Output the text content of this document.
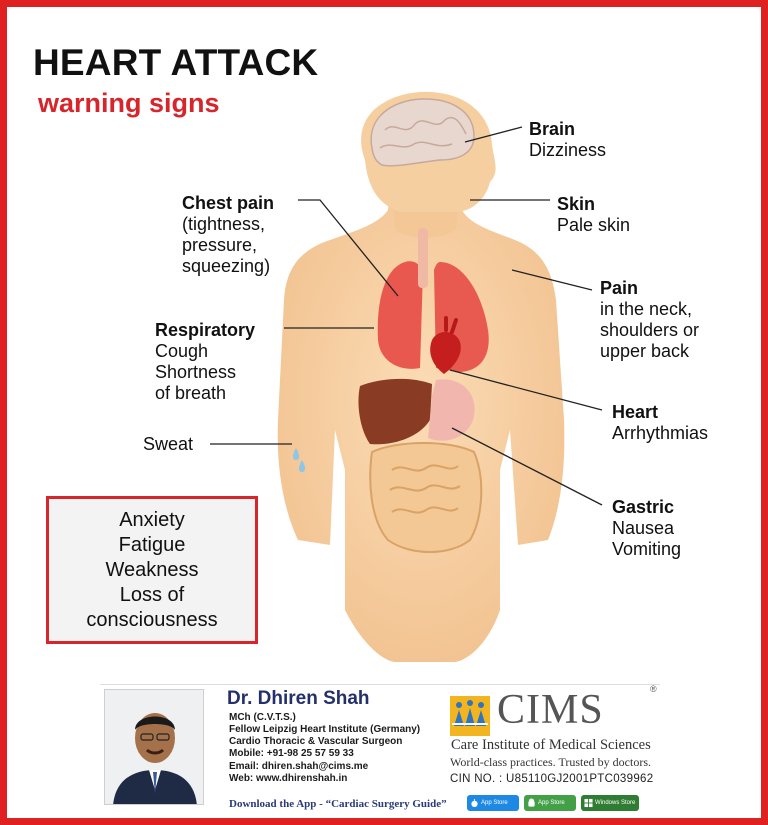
HEART ATTACK
warning signs
Brain
Dizziness
Skin
Pale skin
Pain
in the neck,
shoulders or
upper back
Heart
Arrhythmias
Gastric
Nausea
Vomiting
Chest pain
(tightness,
pressure,
squeezing)
Respiratory
Cough
Shortness
of breath
Sweat
Anxiety
Fatigue
Weakness
Loss of
consciousness
Dr. Dhiren Shah
MCh (C.V.T.S.)
Fellow Leipzig Heart Institute (Germany)
Cardio Thoracic & Vascular Surgeon
Mobile: +91-98 25 57 59 33
Email: dhiren.shah@cims.me
Web: www.dhirenshah.in
CIMS	®
Care Institute of Medical Sciences
World-class practices. Trusted by doctors.
CIN NO. : U85110GJ2001PTC039962
Download the App - “Cardiac Surgery Guide”	App Store	App Store	Windows Store
